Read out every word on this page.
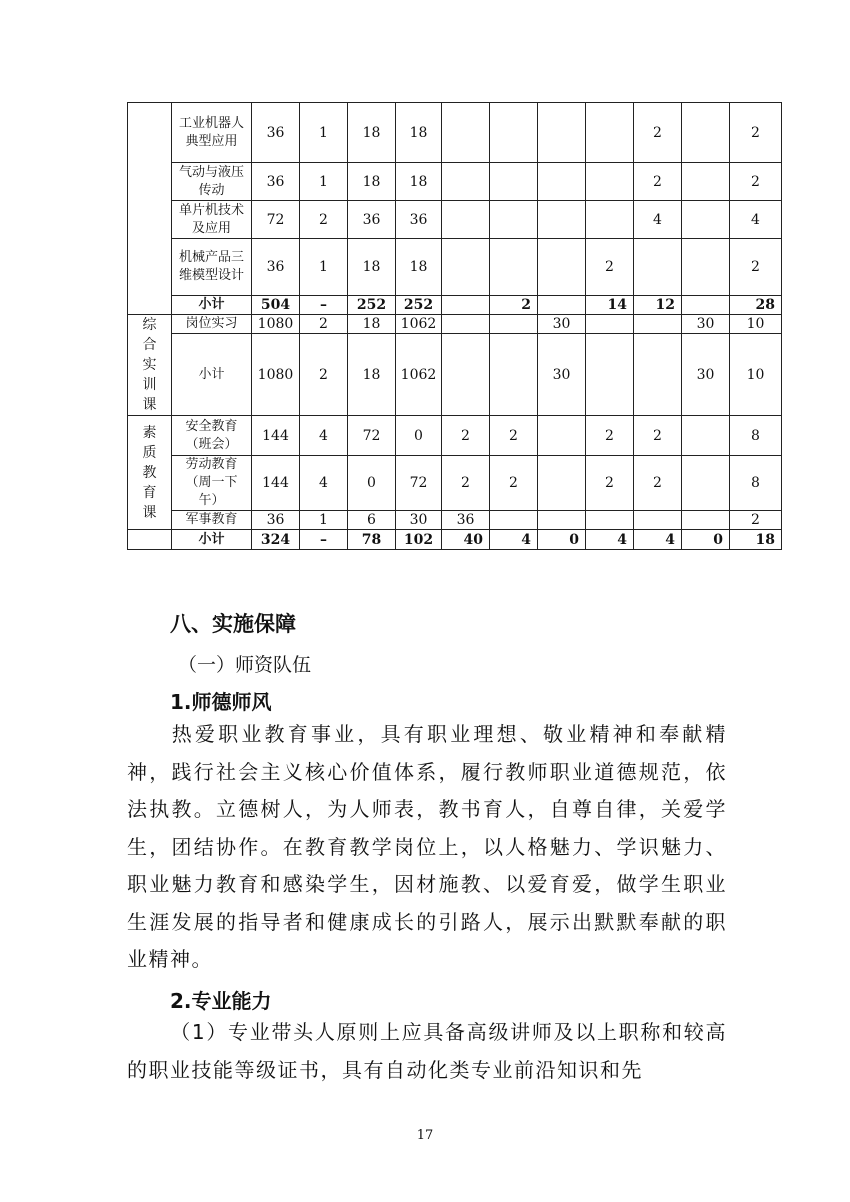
	工业机器人典型应用	36	1	18	18					2		2
	气动与液压传动	36	1	18	18					2		2
	单片机技术及应用	72	2	36	36					4		4
	机械产品三维模型设计	36	1	18	18				2			2
	小计	504	–	252	252		2		14	12		28
综合实训课	岗位实习	1080	2	18	1062			30			30	10
	小计	1080	2	18	1062			30			30	10
素质教育课	安全教育（班会）	144	4	72	0	2	2		2	2		8
	劳动教育（周一下午）	144	4	0	72	2	2		2	2		8
	军事教育	36	1	6	30	36						2
	小计	324	–	78	102	40	4	0	4	4	0	18
八、实施保障
（一）师资队伍
1.师德师风
热爱职业教育事业，具有职业理想、敬业精神和奉献精神，践行社会主义核心价值体系，履行教师职业道德规范，依法执教。立德树人，为人师表，教书育人，自尊自律，关爱学生，团结协作。在教育教学岗位上，以人格魅力、学识魅力、职业魅力教育和感染学生，因材施教、以爱育爱，做学生职业生涯发展的指导者和健康成长的引路人，展示出默默奉献的职业精神。
2.专业能力
（1）专业带头人原则上应具备高级讲师及以上职称和较高的职业技能等级证书，具有自动化类专业前沿知识和先
17
